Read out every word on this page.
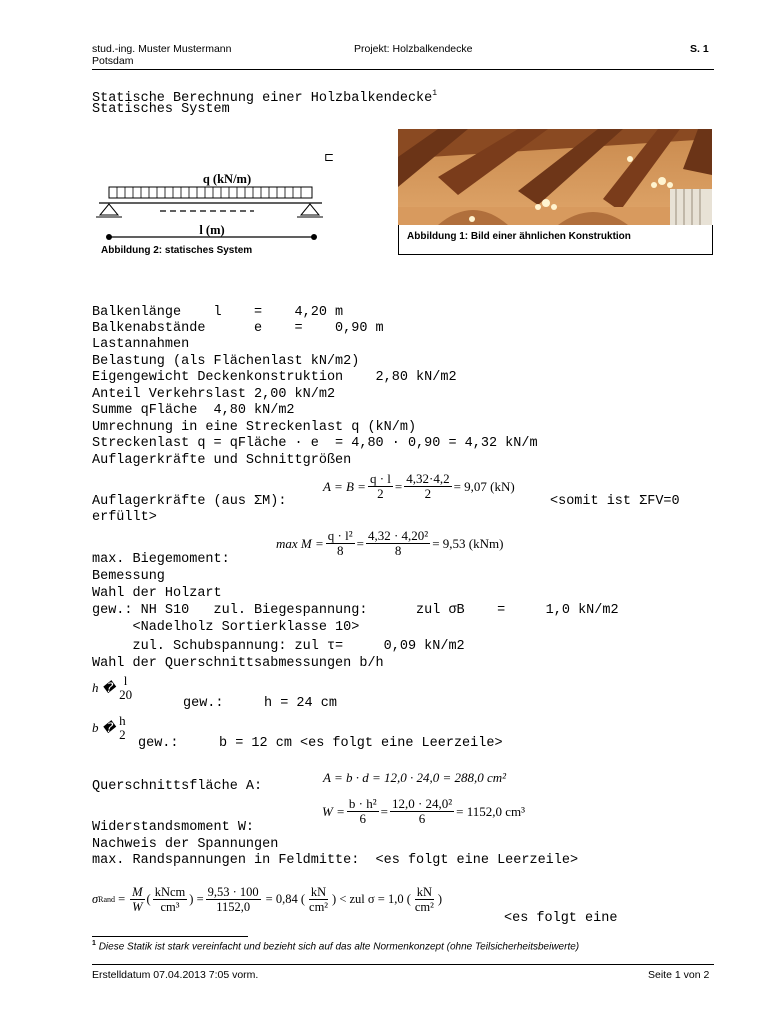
stud.-ing. Muster Mustermann
Potsdam
Projekt: Holzbalkendecke	S. 1
Statische Berechnung einer Holzbalkendecke$^1$
Statisches System
⊏
q (kN/m)
l (m)
Abbildung 2: statisches System
Abbildung 1: Bild einer ähnlichen Konstruktion
Balkenlänge    l    =    4,20 m
Balkenabstände      e    =    0,90 m
Lastannahmen
Belastung (als Flächenlast kN/m2)
Eigengewicht Deckenkonstruktion    2,80 kN/m2
Anteil Verkehrslast 2,00 kN/m2
Summe qFläche  4,80 kN/m2
Umrechnung in eine Streckenlast q (kN/m)
Streckenlast q = qFläche · e  = 4,80 · 0,90 = 4,32 kN/m
Auflagerkräfte und Schnittgrößen
$A = B = \frac{q \cdot l}{2} = \frac{4,32\cdot 4,2}{2} = 9,07$ (kN)
Auflagerkräfte (aus ΣM):	<somit ist ΣFV=0
erfüllt>
$\max M = \frac{\text{q · l²}}{8} = \frac{\text{4,32 · 4,20²}}{8} = 9,53$ (kNm)
max. Biegemoment:
Bemessung
Wahl der Holzart
gew.: NH S10   zul. Biegespannung:      zul σB    =     1,0 kN/m2
<Nadelholz Sortierklasse 10>
zul. Schubspannung: zul τ=     0,09 kN/m2
Wahl der Querschnittsabmessungen b/h
h � l
20
gew.:     h = 24 cm
b � h
2
gew.:     b = 12 cm <es folgt eine Leerzeile>
A = b · d = 12,0 · 24,0 = 288,0 cm²
Querschnittsfläche A:
$W = \frac{\text{b · h²}}{6} = \frac{\text{12,0 · 24,0²}}{6} = 1152,0$ cm³
Widerstandsmoment W:
Nachweis der Spannungen
max. Randspannungen in Feldmitte:  <es folgt eine Leerzeile>
σ Rand = $\frac{M}{W}$ ( $\frac{\text{kNcm}}{\text{cm³}}$ ) = $\frac{9,53 \cdot 100}{1152,0} = 0,84$ ( $\frac{kN}{\text{cm²}}$ ) < zul σ = 1,0 ( $\frac{kN}{\text{cm²}}$ )
<es folgt eine
$^1$ Diese Statik ist stark vereinfacht und bezieht sich auf das alte Normenkonzept (ohne Teilsicherheitsbeiwerte)
Erstelldatum 07.04.2013 7:05 vorm.	Seite 1 von 2
